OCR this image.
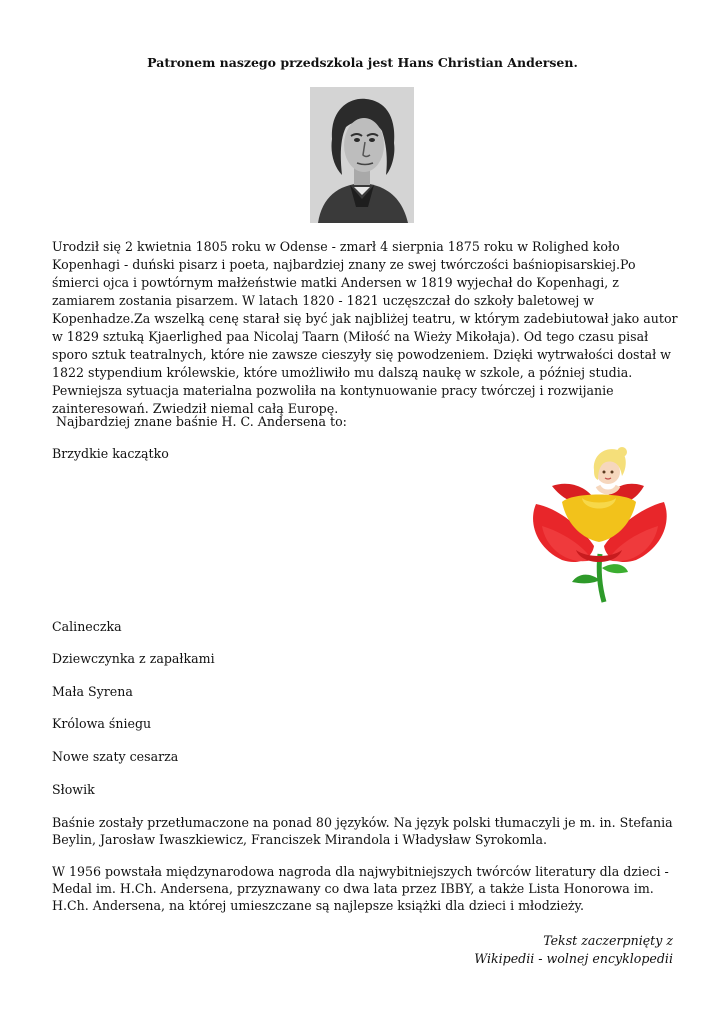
Patronem naszego przedszkola jest Hans Christian Andersen.

Urodził się 2 kwietnia 1805 roku w Odense - zmarł 4 sierpnia 1875 roku w Rolighed koło Kopenhagi - duński pisarz i poeta, najbardziej znany ze swej twórczości baśniopisarskiej.Po śmierci ojca i powtórnym małżeństwie matki Andersen w 1819 wyjechał do Kopenhagi, z zamiarem zostania pisarzem. W latach 1820 - 1821 uczęszczał do szkoły baletowej w Kopenhadze.Za wszelką cenę starał się być jak najbliżej teatru, w którym zadebiutował jako autor w 1829 sztuką Kjaerlighed paa Nicolaj Taarn (Miłość na Wieży Mikołaja). Od tego czasu pisał sporo sztuk teatralnych, które nie zawsze cieszyły się powodzeniem. Dzięki wytrwałości dostał w 1822 stypendium królewskie, które umożliwiło mu dalszą naukę w szkole, a później studia. Pewniejsza sytuacja materialna pozwoliła na kontynuowanie pracy twórczej i rozwijanie zainteresowań. Zwiedził niemal całą Europę.

Najbardziej znane baśnie H. C. Andersena to:

Brzydkie kaczątko

Calineczka

Dziewczynka z zapałkami

Mała Syrena

Królowa śniegu

Nowe szaty cesarza

Słowik

Baśnie zostały przetłumaczone na ponad 80 języków. Na język polski tłumaczyli je m. in. Stefania Beylin, Jarosław Iwaszkiewicz, Franciszek Mirandola i Władysław Syrokomla.

W 1956 powstała międzynarodowa nagroda dla najwybitniejszych twórców literatury dla dzieci - Medal im. H.Ch. Andersena, przyznawany co dwa lata przez IBBY, a także Lista Honorowa im. H.Ch. Andersena, na której umieszczane są najlepsze książki dla dzieci i młodzieży.

Tekst zaczerpnięty z

Wikipedii - wolnej encyklopedii
